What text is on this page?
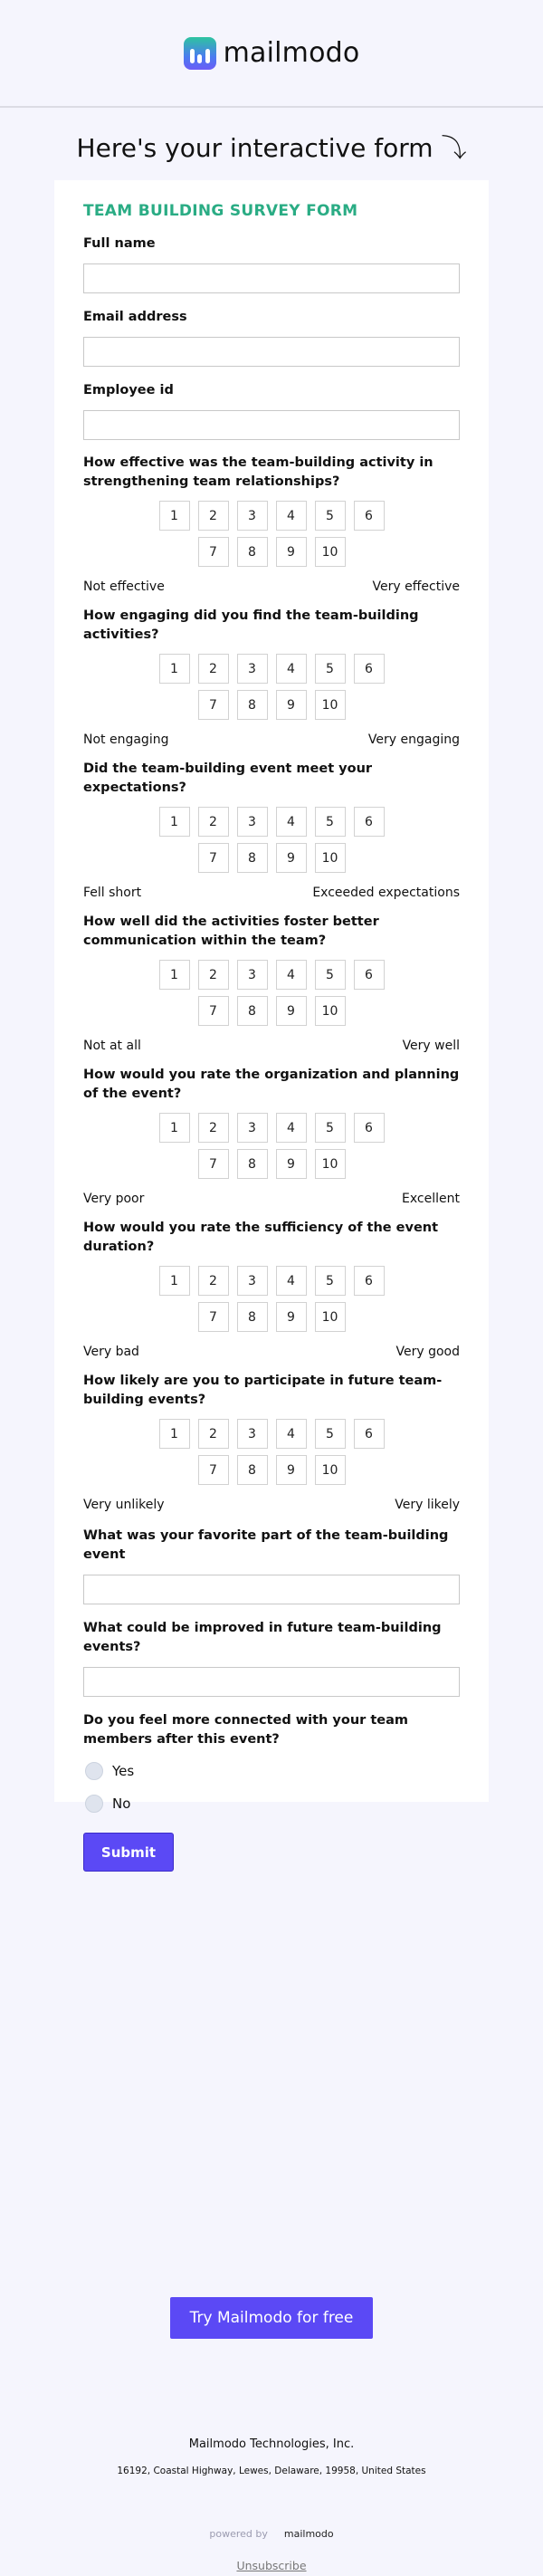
mailmodo
Here's your interactive form ⤵
TEAM BUILDING SURVEY FORM
Full name
Email address
Employee id
How effective was the team-building activity in strengthening team relationships?
1	2	3	4	5	6
7	8	9	10
Not effective	Very effective
How engaging did you find the team-building activities?
1	2	3	4	5	6
7	8	9	10
Not engaging	Very engaging
Did the team-building event meet your expectations?
1	2	3	4	5	6
7	8	9	10
Fell short	Exceeded expectations
How well did the activities foster better communication within the team?
1	2	3	4	5	6
7	8	9	10
Not at all	Very well
How would you rate the organization and planning of the event?
1	2	3	4	5	6
7	8	9	10
Very poor	Excellent
How would you rate the sufficiency of the event duration?
1	2	3	4	5	6
7	8	9	10
Very bad	Very good
How likely are you to participate in future team-building events?
1	2	3	4	5	6
7	8	9	10
Very unlikely	Very likely
What was your favorite part of the team-building event
What could be improved in future team-building events?
Do you feel more connected with your team members after this event?
Yes
No
Submit
Try Mailmodo for free
Mailmodo Technologies, Inc.
16192, Coastal Highway, Lewes, Delaware, 19958, United States
powered by mailmodo
Unsubscribe
